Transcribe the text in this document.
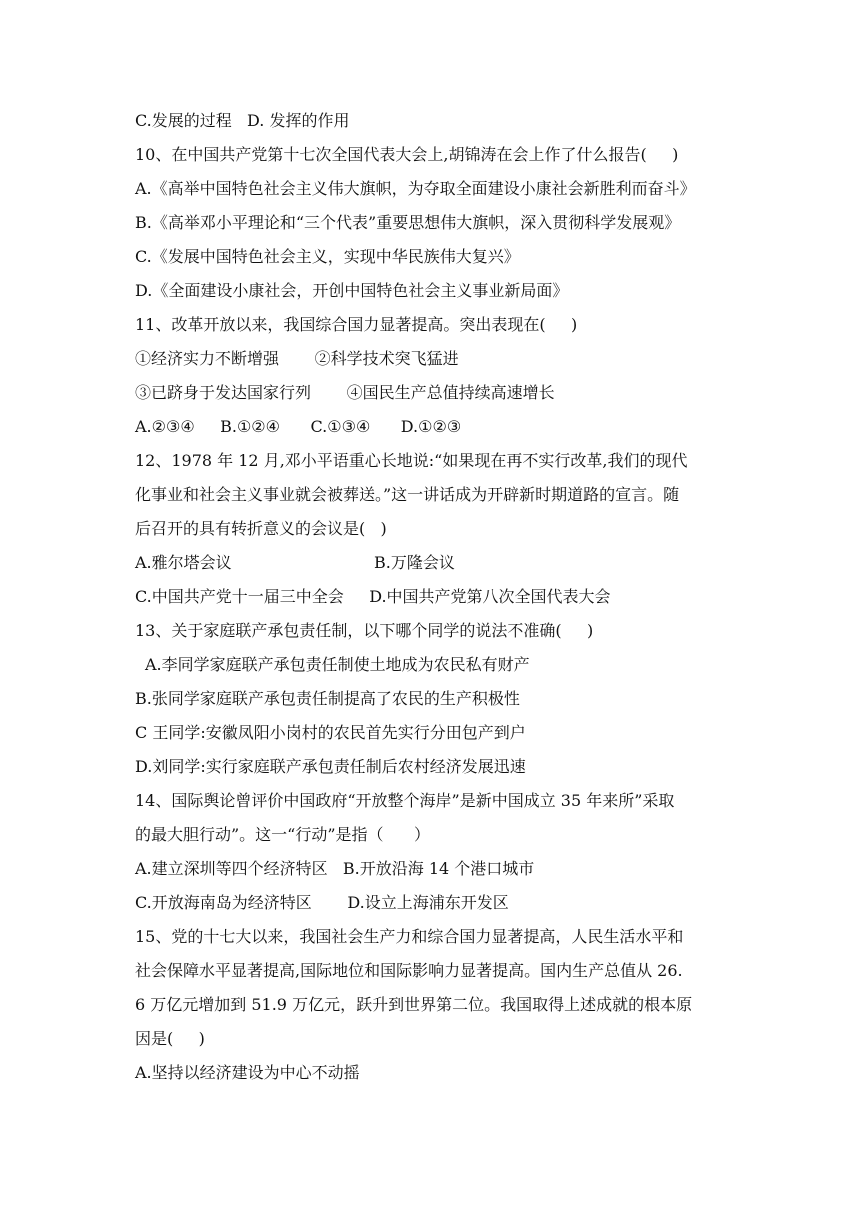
C.发展的过程   D. 发挥的作用
10、在中国共产党第十七次全国代表大会上,胡锦涛在会上作了什么报告(     )
A.《高举中国特色社会主义伟大旗帜，为夺取全面建设小康社会新胜利而奋斗》
B.《高举邓小平理论和“三个代表”重要思想伟大旗帜，深入贯彻科学发展观》
C.《发展中国特色社会主义，实现中华民族伟大复兴》
D.《全面建设小康社会，开创中国特色社会主义事业新局面》
11、改革开放以来，我国综合国力显著提高。突出表现在(     )
①经济实力不断增强       ②科学技术突飞猛进
③已跻身于发达国家行列       ④国民生产总值持续高速增长
A.②③④     B.①②④      C.①③④      D.①②③
12、1978 年 12 月,邓小平语重心长地说:“如果现在再不实行改革,我们的现代
化事业和社会主义事业就会被葬送。”这一讲话成为开辟新时期道路的宣言。随
后召开的具有转折意义的会议是(   )
A.雅尔塔会议                            B.万隆会议
C.中国共产党十一届三中全会     D.中国共产党第八次全国代表大会
13、关于家庭联产承包责任制，以下哪个同学的说法不准确(     )
A.李同学家庭联产承包责任制使土地成为农民私有财产
B.张同学家庭联产承包责任制提高了农民的生产积极性
C 王同学:安徽凤阳小岗村的农民首先实行分田包产到户
D.刘同学:实行家庭联产承包责任制后农村经济发展迅速
14、国际舆论曾评价中国政府“开放整个海岸”是新中国成立 35 年来所”采取
的最大胆行动”。这一“行动”是指（      ）
A.建立深圳等四个经济特区   B.开放沿海 14 个港口城市
C.开放海南岛为经济特区       D.设立上海浦东开发区
15、党的十七大以来，我国社会生产力和综合国力显著提高，人民生活水平和
社会保障水平显著提高,国际地位和国际影响力显著提高。国内生产总值从 26.
6 万亿元增加到 51.9 万亿元，跃升到世界第二位。我国取得上述成就的根本原
因是(     )
A.坚持以经济建设为中心不动摇
